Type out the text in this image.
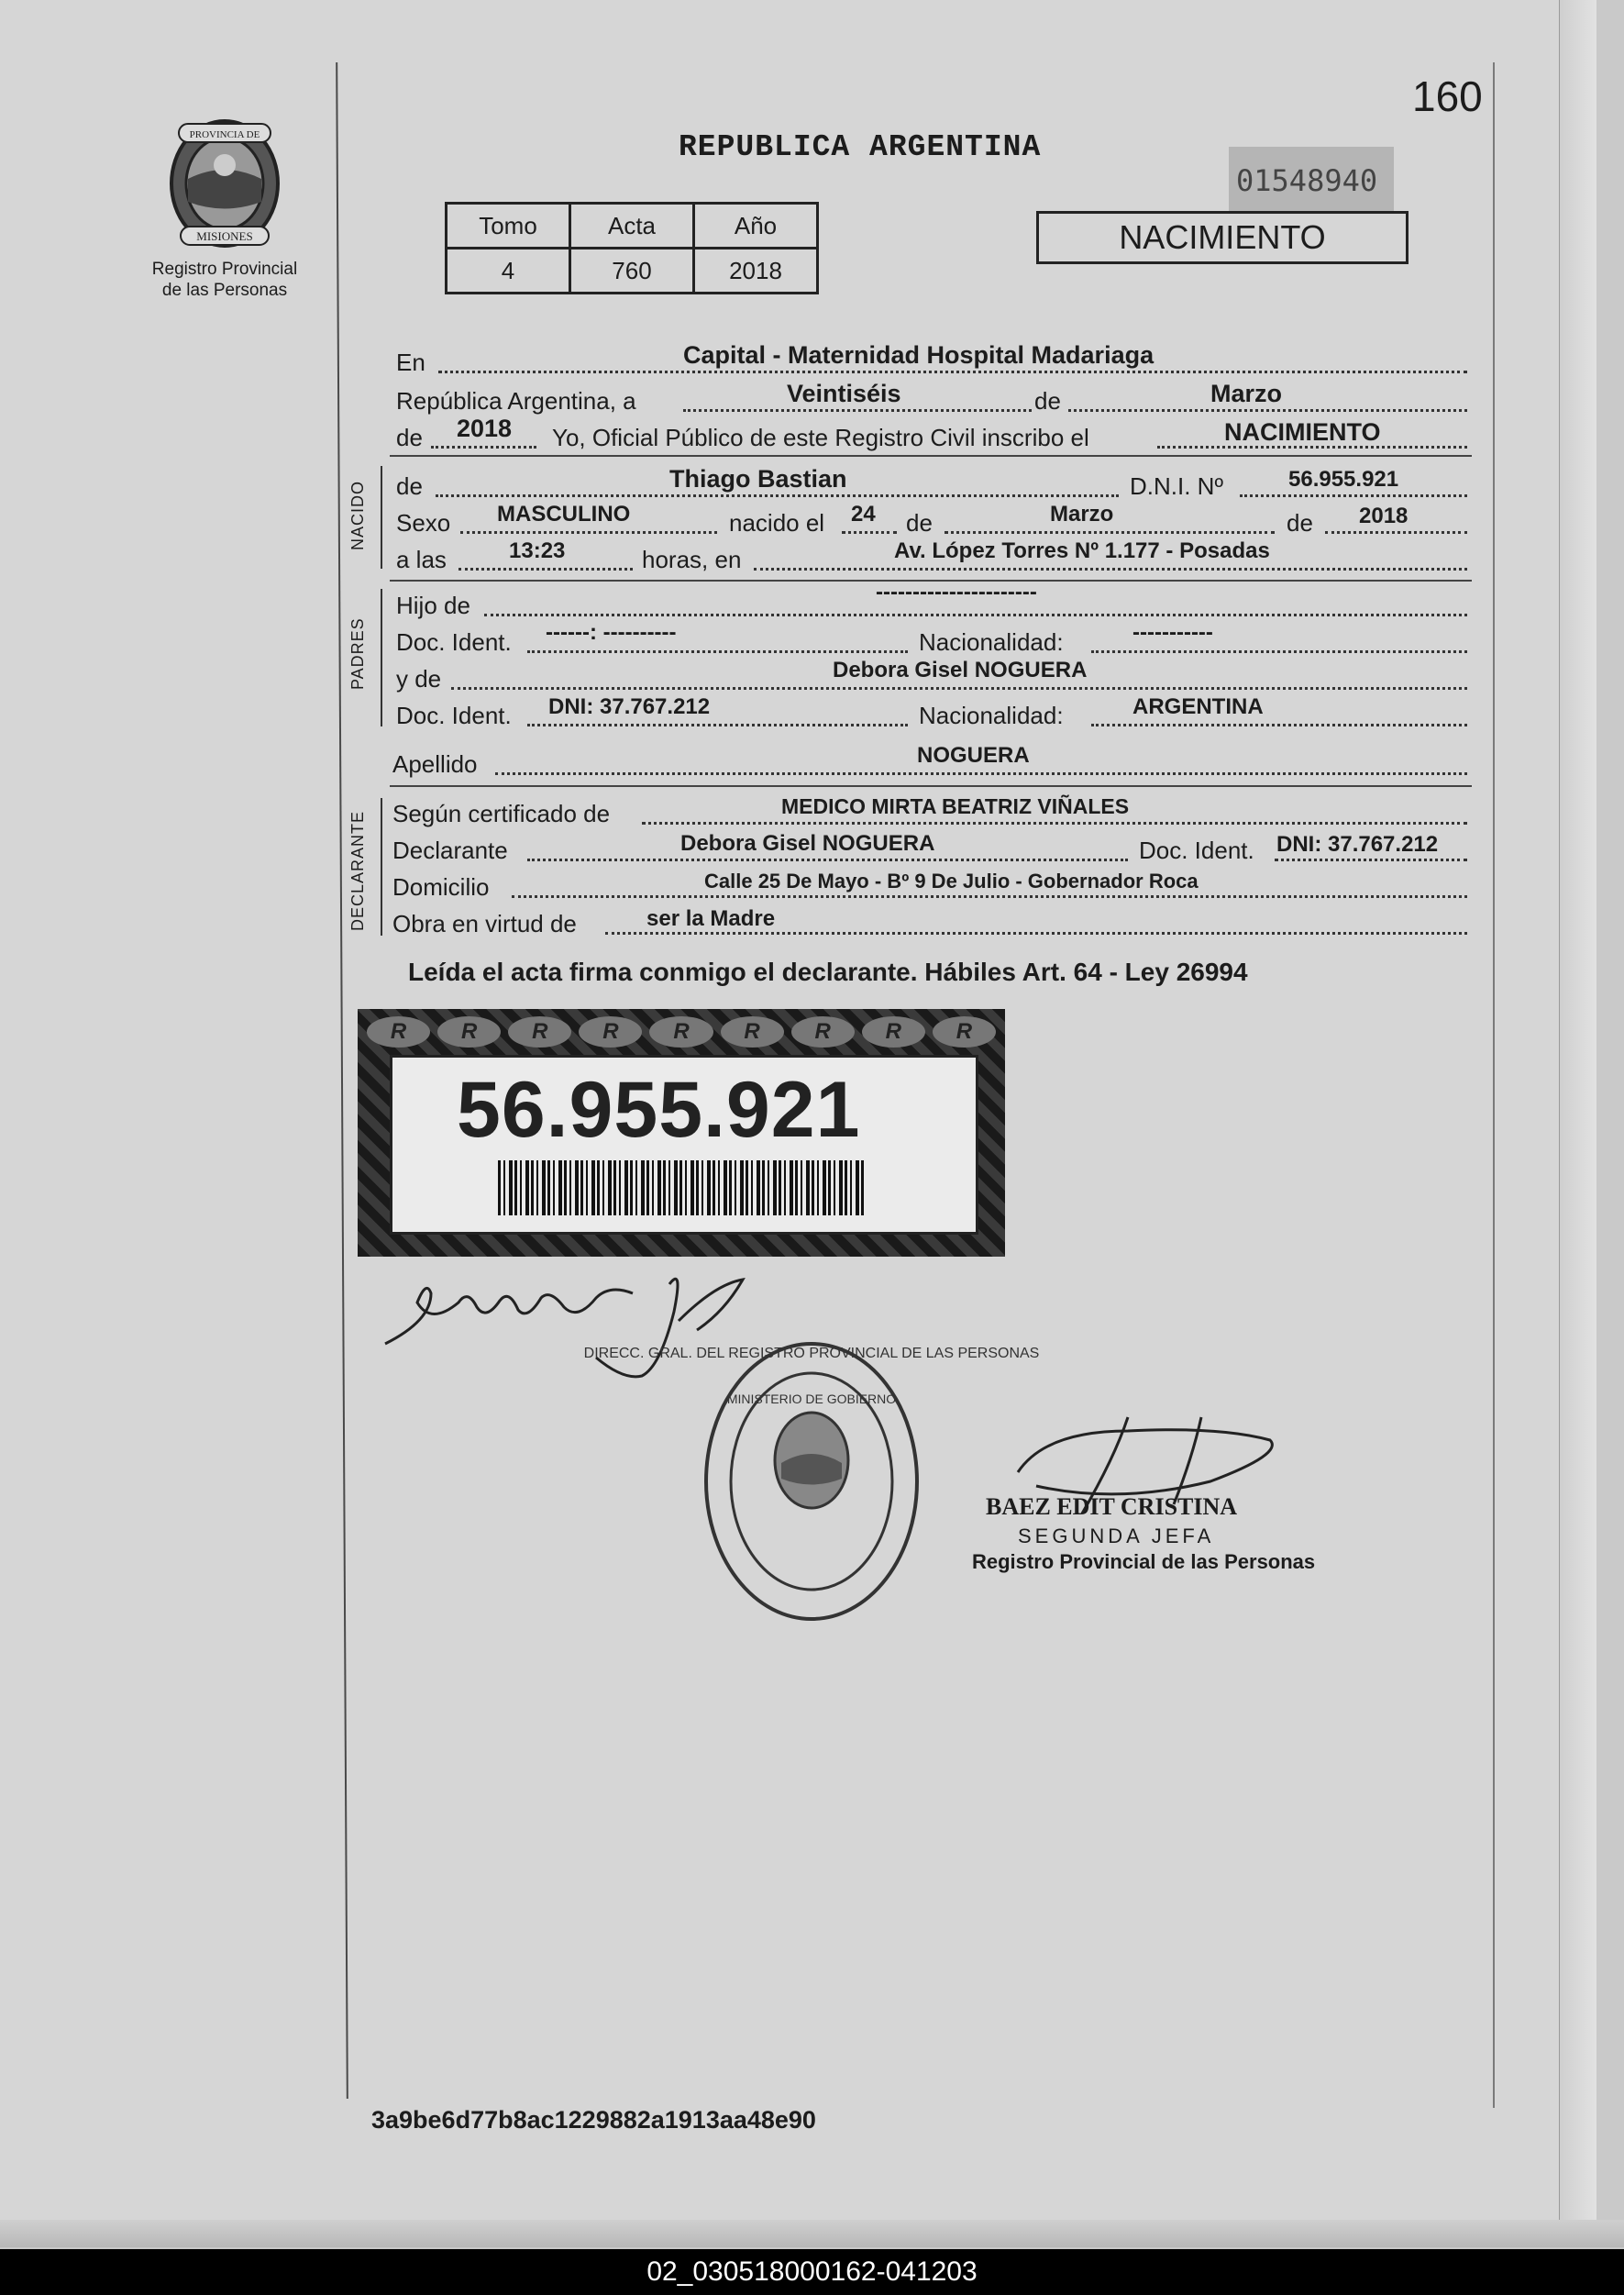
PROVINCIA DE
MISIONES
Registro Provincial
de las Personas
160
REPUBLICA ARGENTINA
01548940
Tomo	Acta	Año
4	760	2018
NACIMIENTO
En	Capital - Maternidad Hospital Madariaga
República Argentina, a	Veintiséis	de	Marzo
de 2018 Yo, Oficial Público de este Registro Civil inscribo el	NACIMIENTO
NACIDO de	Thiago Bastian	D.N.I. Nº	56.955.921
Sexo MASCULINO	nacido el 24 de	Marzo	de 2018
a las	13:23	horas, en	Av. López Torres Nº 1.177 - Posadas
PADRES
Hijo de	----------------------
Doc. Ident. ------: ----------	Nacionalidad:	-----------
y de	Debora Gisel NOGUERA
Doc. Ident. DNI: 37.767.212	Nacionalidad:	ARGENTINA
Apellido	NOGUERA
DECLARANTE Según certificado de	MEDICO MIRTA BEATRIZ VIÑALES
Declarante	Debora Gisel NOGUERA	Doc. Ident. DNI: 37.767.212
Domicilio	Calle 25 De Mayo - Bº 9 De Julio - Gobernador Roca
Obra en virtud de	ser la Madre
Leída el acta firma conmigo el declarante. Hábiles Art. 64 - Ley 26994
R	R	R	R	R	R	R	R	R
56.955.921
DIRECC. GRAL. DEL REGISTRO PROVINCIAL DE LAS PERSONAS
MINISTERIO DE GOBIERNO
BAEZ EDIT CRISTINA
SEGUNDA JEFA
Registro Provincial de las Personas
3a9be6d77b8ac1229882a1913aa48e90
02_030518000162-041203
